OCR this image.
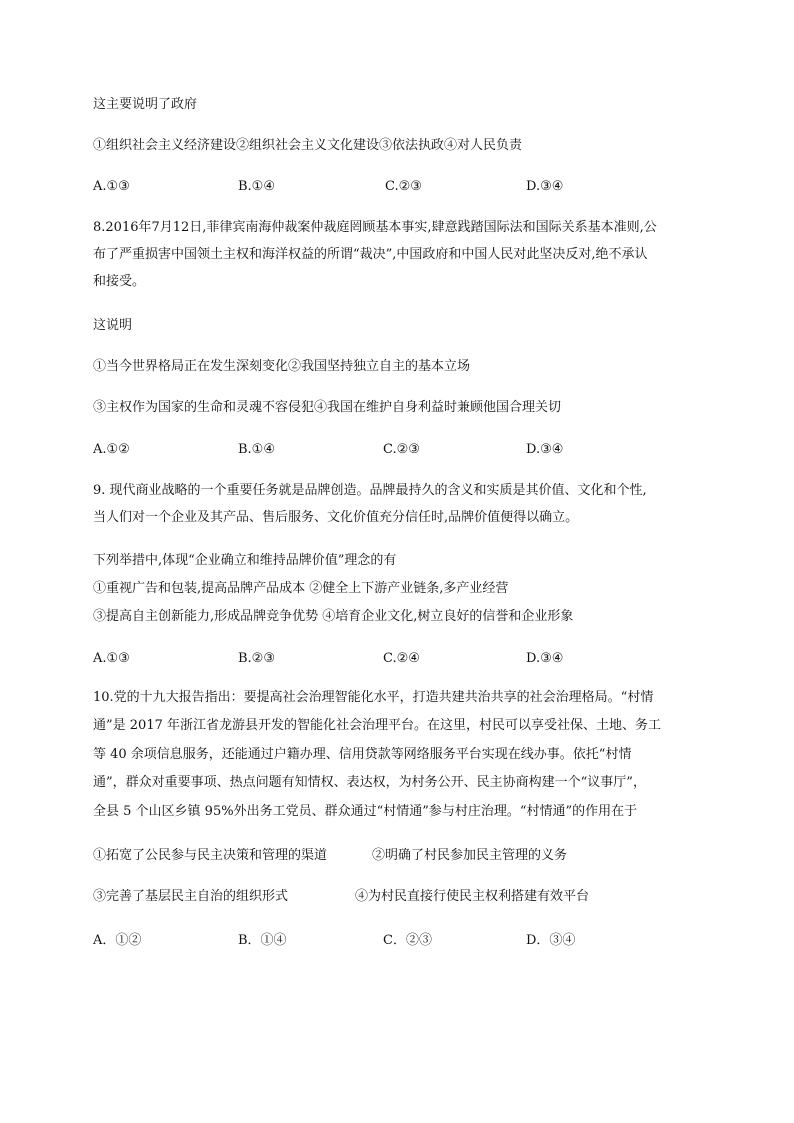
这主要说明了政府
①组织社会主义经济建设②组织社会主义文化建设③依法执政④对人民负责
A.①③	B.①④	C.②③	D.③④
8.2016年7月12日,菲律宾南海仲裁案仲裁庭罔顾基本事实,肆意践踏国际法和国际关系基本准则,公
布了严重损害中国领土主权和海洋权益的所谓“裁决”,中国政府和中国人民对此坚决反对,绝不承认
和接受。
这说明
①当今世界格局正在发生深刻变化②我国坚持独立自主的基本立场
③主权作为国家的生命和灵魂不容侵犯④我国在维护自身利益时兼顾他国合理关切
A.①②	B.①④	C.②③	D.③④
9. 现代商业战略的一个重要任务就是品牌创造。品牌最持久的含义和实质是其价值、文化和个性,
当人们对一个企业及其产品、售后服务、文化价值充分信任时,品牌价值便得以确立。
下列举措中,体现“企业确立和维持品牌价值”理念的有
①重视广告和包装,提高品牌产品成本 ②健全上下游产业链条,多产业经营
③提高自主创新能力,形成品牌竞争优势 ④培育企业文化,树立良好的信誉和企业形象
A.①③	B.②③	C.②④	D.③④
10.党的十九大报告指出：要提高社会治理智能化水平，打造共建共治共享的社会治理格局。“村情
通”是 2017 年浙江省龙游县开发的智能化社会治理平台。在这里，村民可以享受社保、土地、务工
等 40 余项信息服务，还能通过户籍办理、信用贷款等网络服务平台实现在线办事。依托“村情
通”，群众对重要事项、热点问题有知情权、表达权，为村务公开、民主协商构建一个“议事厅”，
全县 5 个山区乡镇 95%外出务工党员、群众通过“村情通”参与村庄治理。“村情通”的作用在于
①拓宽了公民参与民主决策和管理的渠道	②明确了村民参加民主管理的义务
③完善了基层民主自治的组织形式	④为村民直接行使民主权利搭建有效平台
A．①②	B．①④	C．②③	D．③④
